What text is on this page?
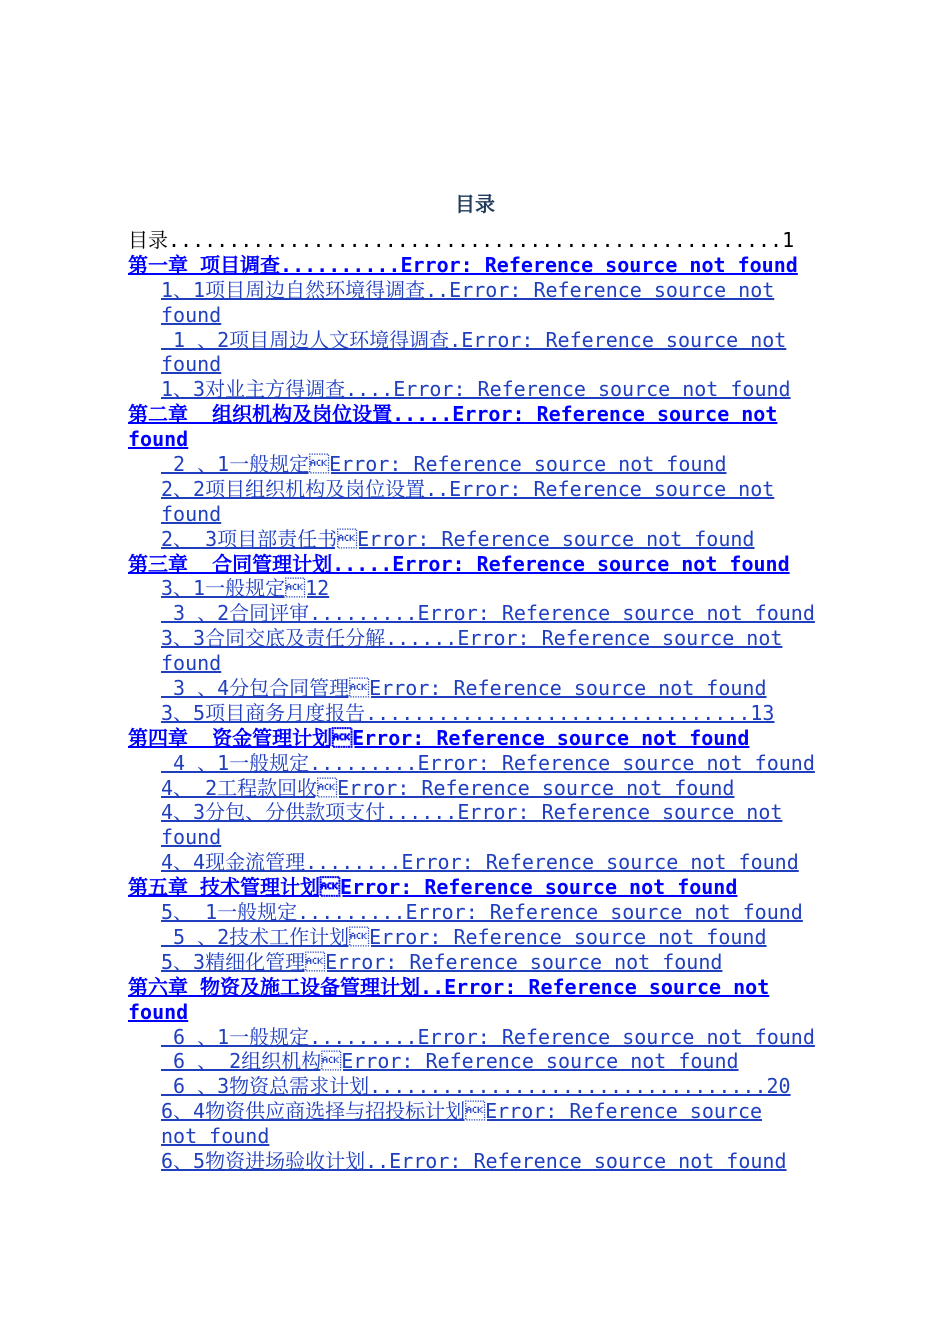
目录
目录...................................................1
第一章 项目调查..........Error: Reference source not found
1、1项目周边自然环境得调查..Error: Reference source not
found
1 、2项目周边人文环境得调查.Error: Reference source not
found
1、3对业主方得调查....Error: Reference source not found
第二章  组织机构及岗位设置.....Error: Reference source not
found
2 、1一般规定Error: Reference source not found
2、2项目组织机构及岗位设置..Error: Reference source not
found
2、 3项目部责任书Error: Reference source not found
第三章  合同管理计划.....Error: Reference source not found
3、1一般规定12
3 、2合同评审.........Error: Reference source not found
3、3合同交底及责任分解......Error: Reference source not
found
3 、4分包合同管理Error: Reference source not found
3、5项目商务月度报告................................13
第四章  资金管理计划Error: Reference source not found
4 、1一般规定.........Error: Reference source not found
4、 2工程款回收Error: Reference source not found
4、3分包、分供款项支付......Error: Reference source not
found
4、4现金流管理........Error: Reference source not found
第五章 技术管理计划Error: Reference source not found
5、 1一般规定.........Error: Reference source not found
5 、2技术工作计划Error: Reference source not found
5、3精细化管理Error: Reference source not found
第六章 物资及施工设备管理计划..Error: Reference source not
found
6 、1一般规定.........Error: Reference source not found
6 、 2组织机构Error: Reference source not found
6 、3物资总需求计划.................................20
6、4物资供应商选择与招投标计划Error: Reference source
not found
6、5物资进场验收计划..Error: Reference source not found
